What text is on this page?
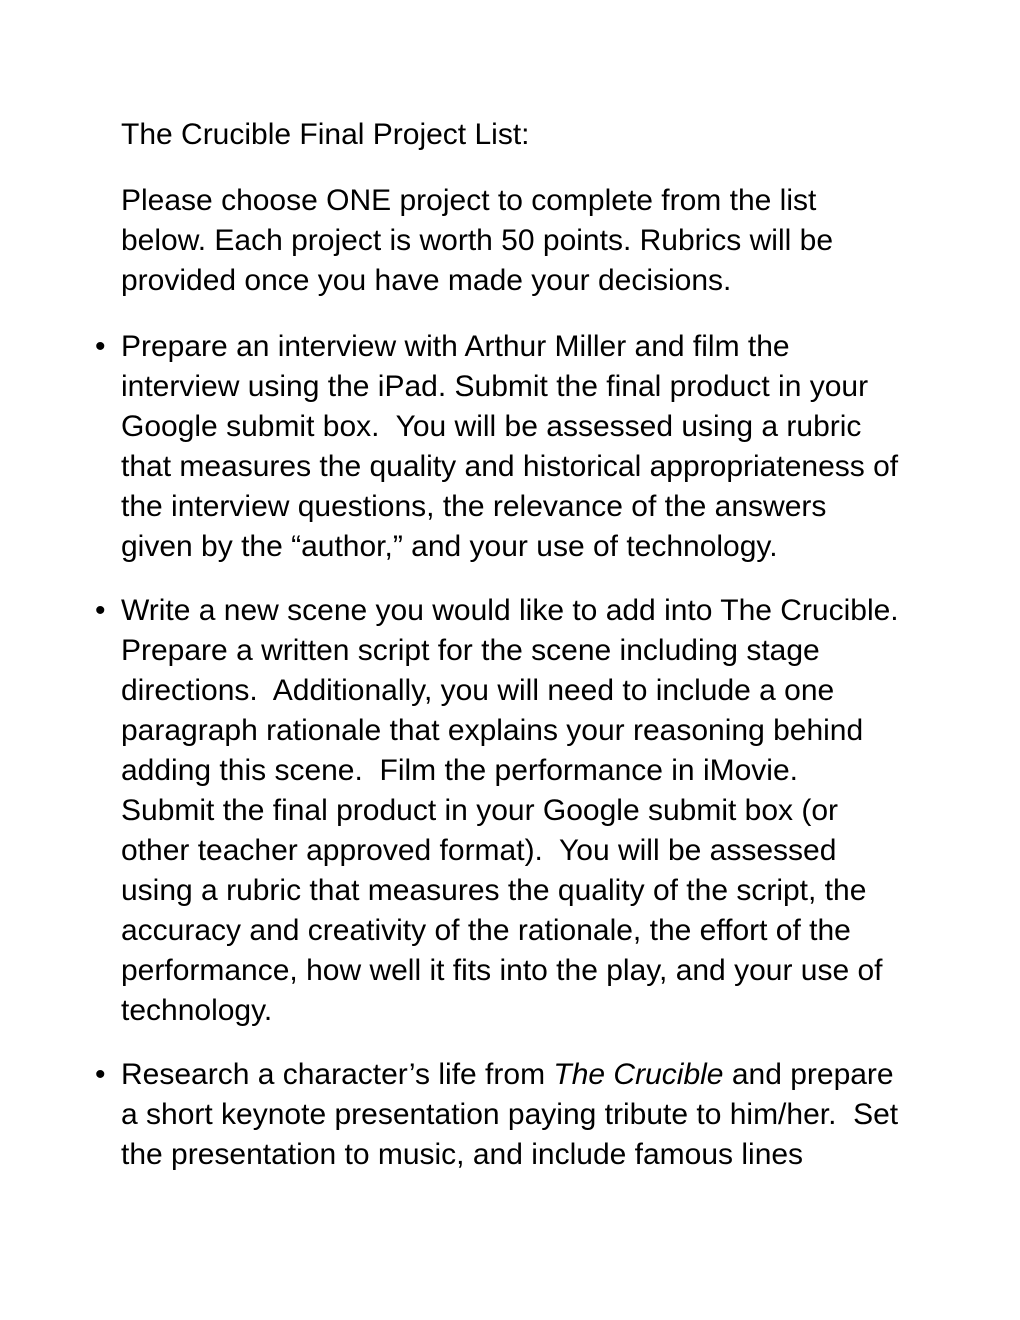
The Crucible Final Project List:

Please choose ONE project to complete from the list below. Each project is worth 50 points. Rubrics will be provided once you have made your decisions.

• Prepare an interview with Arthur Miller and film the interview using the iPad. Submit the final product in your Google submit box.  You will be assessed using a rubric that measures the quality and historical appropriateness of the interview questions, the relevance of the answers given by the “author,” and your use of technology.
• Write a new scene you would like to add into The Crucible. Prepare a written script for the scene including stage directions.  Additionally, you will need to include a one paragraph rationale that explains your reasoning behind adding this scene.  Film the performance in iMovie.  Submit the final product in your Google submit box (or other teacher approved format).  You will be assessed using a rubric that measures the quality of the script, the accuracy and creativity of the rationale, the effort of the performance, how well it fits into the play, and your use of technology.
• Research a character’s life from The Crucible and prepare a short keynote presentation paying tribute to him/her.  Set the presentation to music, and include famous lines
